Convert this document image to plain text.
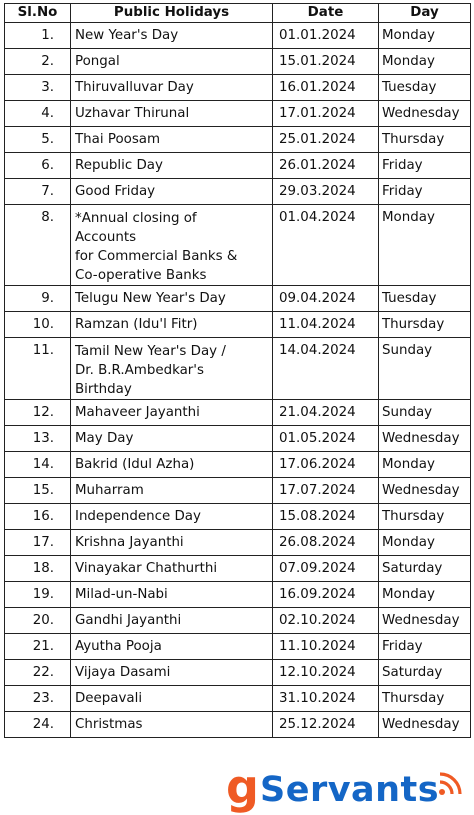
Sl.No	Public Holidays	Date	Day
1.	New Year's Day	01.01.2024	Monday
2.	Pongal	15.01.2024	Monday
3.	Thiruvalluvar Day	16.01.2024	Tuesday
4.	Uzhavar Thirunal	17.01.2024	Wednesday
5.	Thai Poosam	25.01.2024	Thursday
6.	Republic Day	26.01.2024	Friday
7.	Good Friday	29.03.2024	Friday
8.	*Annual closing of
Accounts
for Commercial Banks &
Co-operative Banks	01.04.2024	Monday
9.	Telugu New Year's Day	09.04.2024	Tuesday
10.	Ramzan (Idu'l Fitr)	11.04.2024	Thursday
11.	Tamil New Year's Day /
Dr. B.R.Ambedkar's
Birthday	14.04.2024	Sunday
12.	Mahaveer Jayanthi	21.04.2024	Sunday
13.	May Day	01.05.2024	Wednesday
14.	Bakrid (Idul Azha)	17.06.2024	Monday
15.	Muharram	17.07.2024	Wednesday
16.	Independence Day	15.08.2024	Thursday
17.	Krishna Jayanthi	26.08.2024	Monday
18.	Vinayakar Chathurthi	07.09.2024	Saturday
19.	Milad-un-Nabi	16.09.2024	Monday
20.	Gandhi Jayanthi	02.10.2024	Wednesday
21.	Ayutha Pooja	11.10.2024	Friday
22.	Vijaya Dasami	12.10.2024	Saturday
23.	Deepavali	31.10.2024	Thursday
24.	Christmas	25.12.2024	Wednesday
g Servants
